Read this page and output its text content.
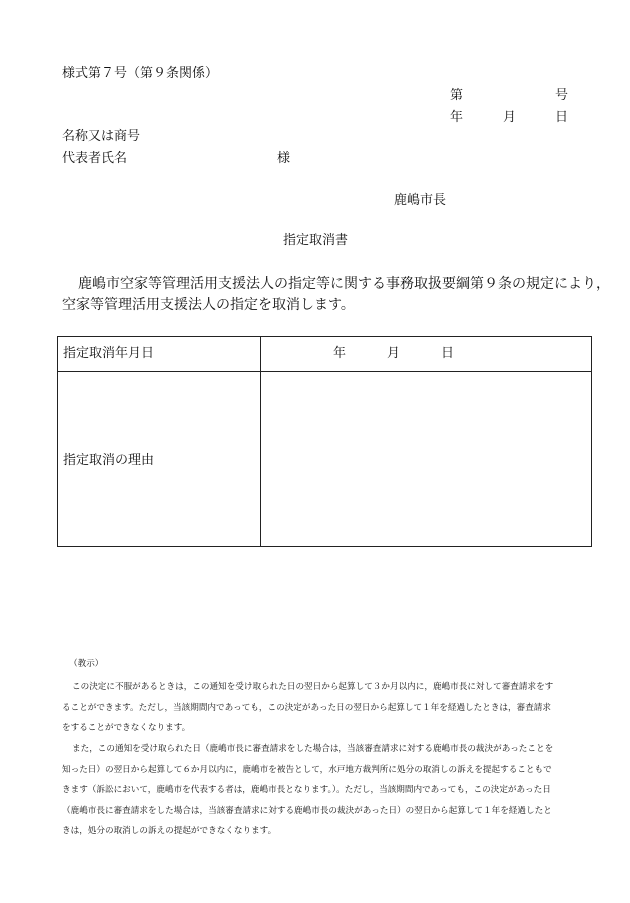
様式第７号（第９条関係）
第	号
年	月	日
名称又は商号
代表者氏名	様
鹿嶋市長
指定取消書
鹿嶋市空家等管理活用支援法人の指定等に関する事務取扱要綱第９条の規定により，
空家等管理活用支援法人の指定を取消します。
指定取消年月日	年	月	日
指定取消の理由
（教示）
この決定に不服があるときは，この通知を受け取られた日の翌日から起算して３か月以内に，鹿嶋市長に対して審査請求をす
ることができます。ただし，当該期間内であっても，この決定があった日の翌日から起算して１年を経過したときは，審査請求
をすることができなくなります。
また，この通知を受け取られた日（鹿嶋市長に審査請求をした場合は，当該審査請求に対する鹿嶋市長の裁決があったことを
知った日）の翌日から起算して６か月以内に，鹿嶋市を被告として，水戸地方裁判所に処分の取消しの訴えを提起することもで
きます（訴訟において，鹿嶋市を代表する者は，鹿嶋市長となります。）。ただし，当該期間内であっても，この決定があった日
（鹿嶋市長に審査請求をした場合は，当該審査請求に対する鹿嶋市長の裁決があった日）の翌日から起算して１年を経過したと
きは，処分の取消しの訴えの提起ができなくなります。
